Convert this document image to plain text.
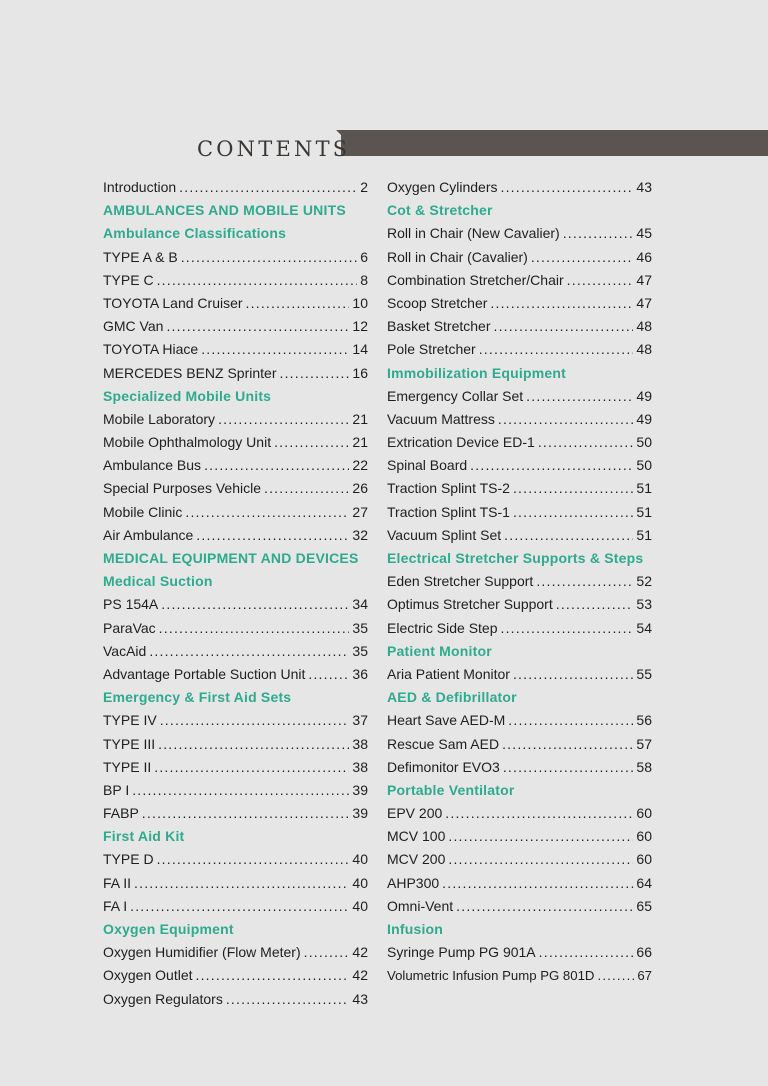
CONTENTS
Introduction .....	2
AMBULANCES AND MOBILE UNITS
Ambulance Classifications
TYPE A & B .....	6
TYPE C .....	8
TOYOTA Land Cruiser .....	10
GMC Van .....	12
TOYOTA Hiace .....	14
MERCEDES BENZ Sprinter .....	16
Specialized Mobile Units
Mobile Laboratory .....	21
Mobile Ophthalmology Unit .....	21
Ambulance Bus .....	22
Special Purposes Vehicle .....	26
Mobile Clinic .....	27
Air Ambulance .....	32
MEDICAL EQUIPMENT AND DEVICES
Medical Suction
PS 154A .....	34
ParaVac .....	35
VacAid .....	35
Advantage Portable Suction Unit .....	36
Emergency & First Aid Sets
TYPE IV .....	37
TYPE III .....	38
TYPE II .....	38
BP I .....	39
FABP .....	39
First Aid Kit
TYPE D .....	40
FA II .....	40
FA I .....	40
Oxygen Equipment
Oxygen Humidifier (Flow Meter) .....	42
Oxygen Outlet .....	42
Oxygen Regulators .....	43
Oxygen Cylinders .....	43
Cot & Stretcher
Roll in Chair (New Cavalier) .....	45
Roll in Chair (Cavalier) .....	46
Combination Stretcher/Chair .....	47
Scoop Stretcher .....	47
Basket Stretcher .....	48
Pole Stretcher .....	48
Immobilization Equipment
Emergency Collar Set .....	49
Vacuum Mattress .....	49
Extrication Device ED-1 .....	50
Spinal Board .....	50
Traction Splint TS-2 .....	51
Traction Splint TS-1 .....	51
Vacuum Splint Set .....	51
Electrical Stretcher Supports & Steps
Eden Stretcher Support .....	52
Optimus Stretcher Support .....	53
Electric Side Step .....	54
Patient Monitor
Aria Patient Monitor .....	55
AED & Defibrillator
Heart Save AED-M .....	56
Rescue Sam AED .....	57
Defimonitor EVO3 .....	58
Portable Ventilator
EPV 200 .....	60
MCV 100 .....	60
MCV 200 .....	60
AHP300 .....	64
Omni-Vent .....	65
Infusion
Syringe Pump PG 901A .....	66
Volumetric Infusion Pump PG 801D .....	67
